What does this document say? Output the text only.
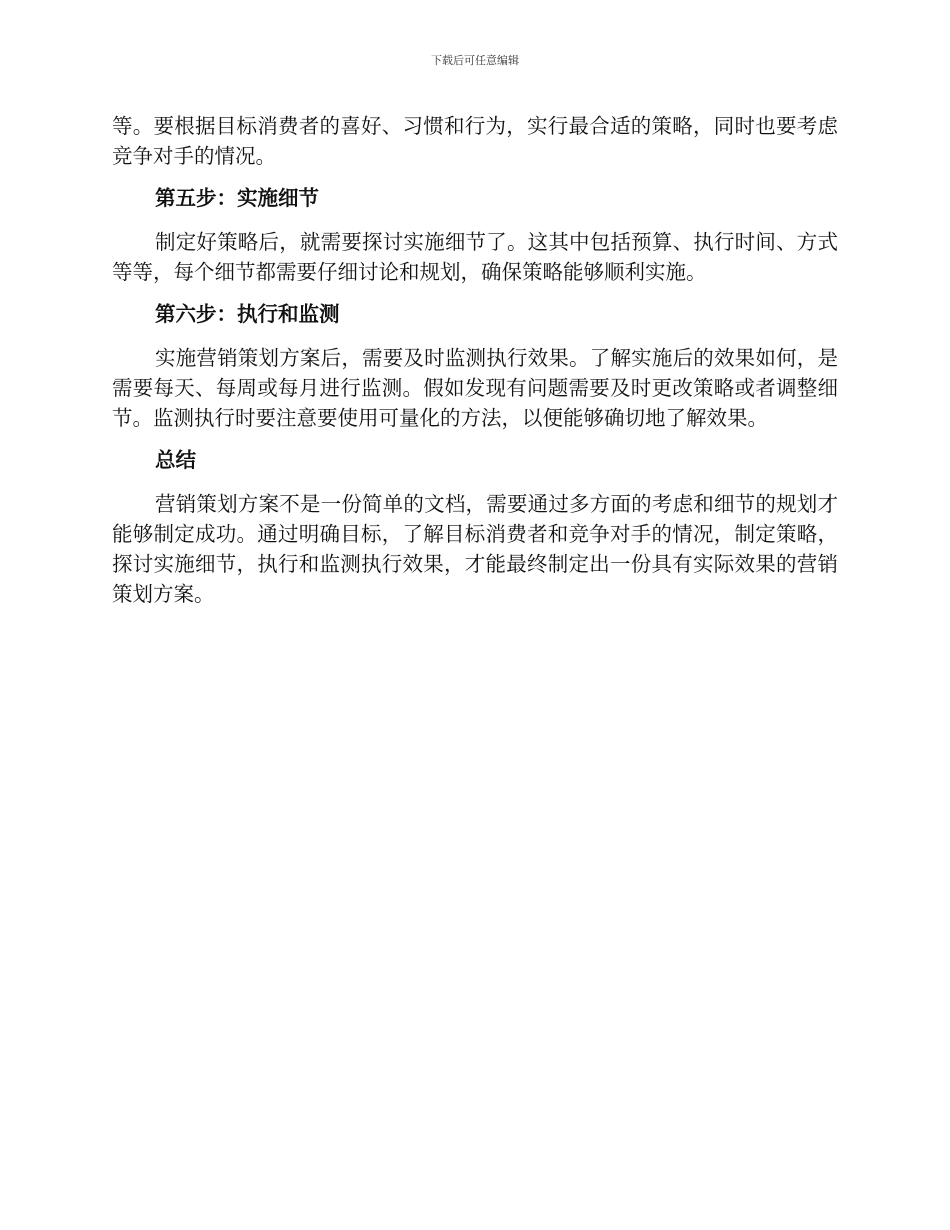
下载后可任意编辑

等。要根据目标消费者的喜好、习惯和行为，实行最合适的策略，同时也要考虑竞争对手的情况。

第五步：实施细节

制定好策略后，就需要探讨实施细节了。这其中包括预算、执行时间、方式等等，每个细节都需要仔细讨论和规划，确保策略能够顺利实施。

第六步：执行和监测

实施营销策划方案后，需要及时监测执行效果。了解实施后的效果如何，是需要每天、每周或每月进行监测。假如发现有问题需要及时更改策略或者调整细节。监测执行时要注意要使用可量化的方法，以便能够确切地了解效果。

总结

营销策划方案不是一份简单的文档，需要通过多方面的考虑和细节的规划才能够制定成功。通过明确目标，了解目标消费者和竞争对手的情况，制定策略，探讨实施细节，执行和监测执行效果，才能最终制定出一份具有实际效果的营销策划方案。
